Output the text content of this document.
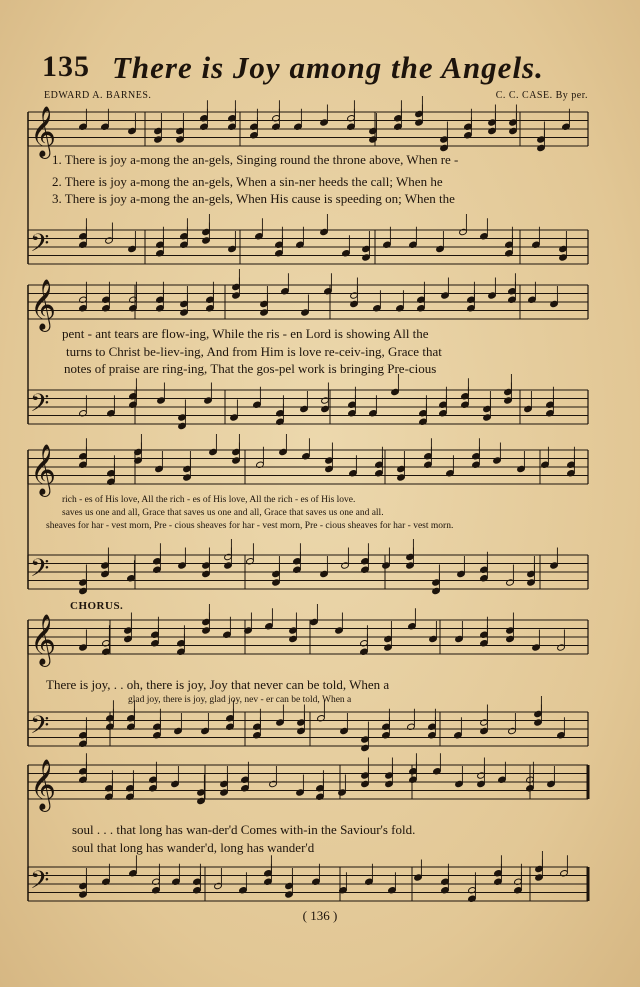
135 There is Joy among the Angels.
EDWARD A. BARNES.	C. C. CASE. By per.
𝄞
𝄢
𝄞
𝄢
𝄞
𝄢
𝄞
𝄢
𝄞
𝄢
1. There is joy a-mong the an-gels, Singing round the throne above, When re -
2. There is joy a-mong the an-gels, When a sin-ner heeds the call; When he
3. There is joy a-mong the an-gels, When His cause is speeding on; When the
pent - ant tears are flow-ing, While the ris - en Lord is showing All the
turns to Christ be-liev-ing, And from Him is love re-ceiv-ing, Grace that
notes of praise are ring-ing, That the gos-pel work is bringing Pre-cious
rich - es of His love, All the rich - es of His love, All the rich - es of His love.
saves us one and all, Grace that saves us one and all, Grace that saves us one and all.
sheaves for har - vest morn, Pre - cious sheaves for har - vest morn, Pre - cious sheaves for har - vest morn.
CHORUS.
There is joy, . . oh, there is joy, Joy that never can be told, When a
glad joy, there is joy, glad joy, nev - er can be told, When a
soul . . . that long has wan-der'd Comes with-in the Saviour's fold.
soul that long has wander'd, long has wander'd
( 136 )
